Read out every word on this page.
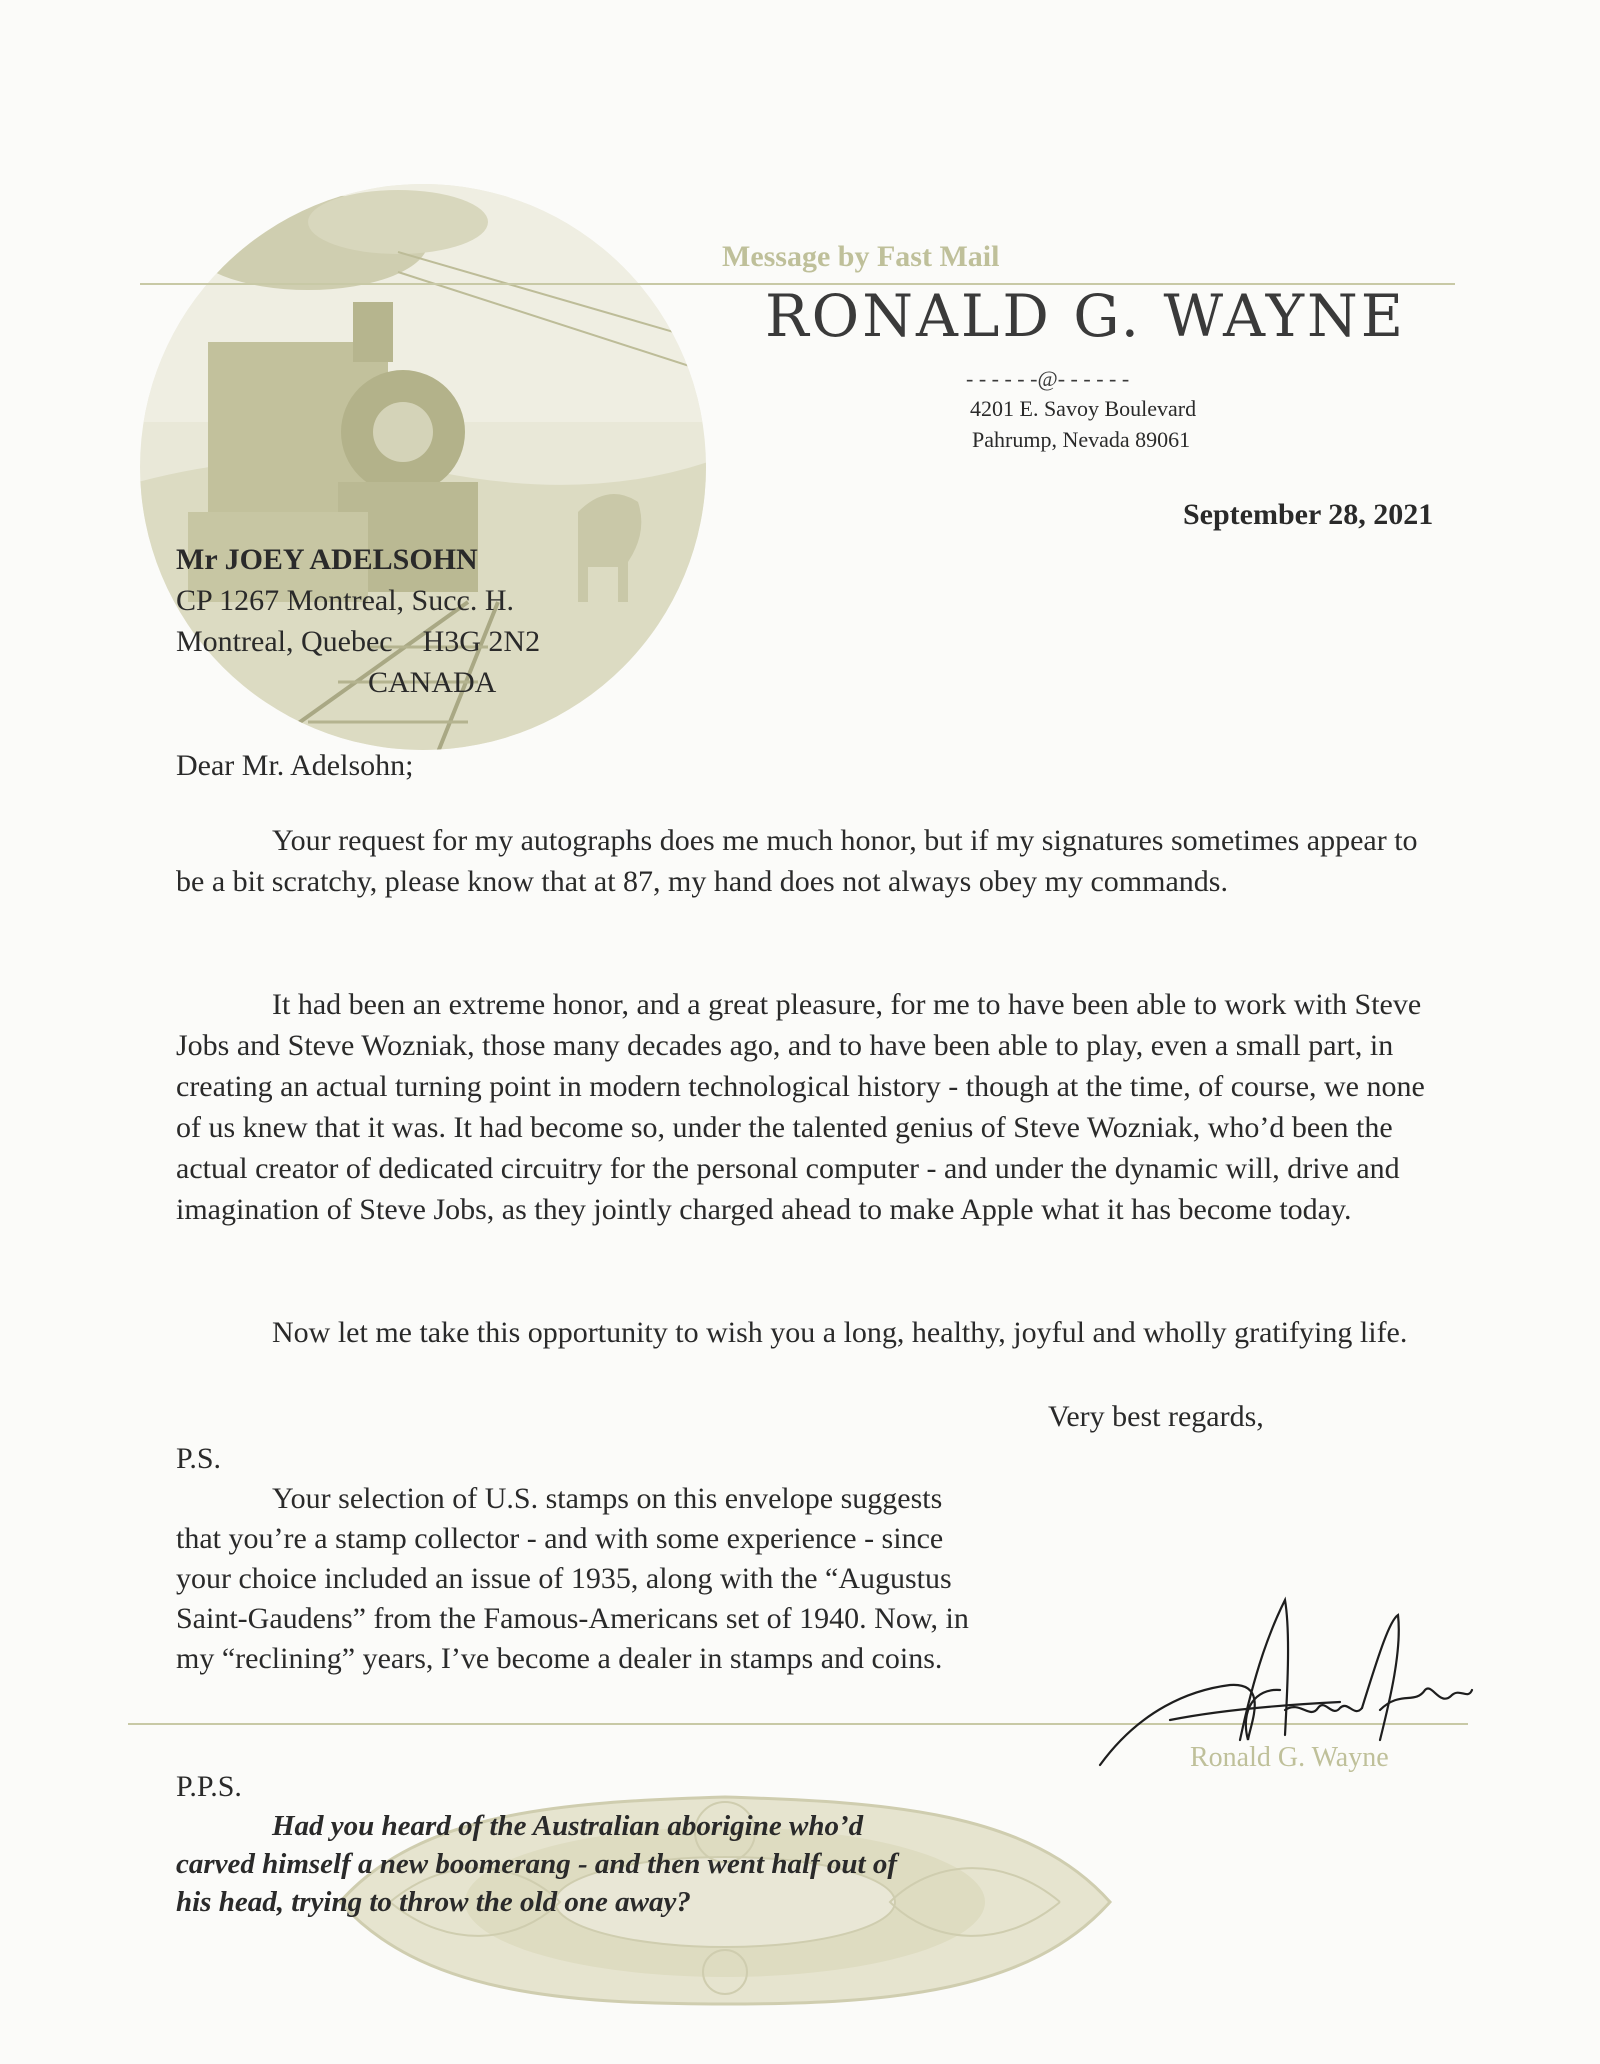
Message by Fast Mail
RONALD G. WAYNE
- - - - - -@- - - - - -
4201 E. Savoy Boulevard
Pahrump, Nevada 89061
September 28, 2021
Mr JOEY ADELSOHN
CP 1267 Montreal, Succ. H.
Montreal, Quebec    H3G 2N2
CANADA
Dear Mr. Adelsohn;
Your request for my autographs does me much honor, but if my signatures sometimes appear to be a bit scratchy, please know that at 87, my hand does not always obey my commands.
It had been an extreme honor, and a great pleasure, for me to have been able to work with Steve Jobs and Steve Wozniak, those many decades ago, and to have been able to play, even a small part, in creating an actual turning point in modern technological history - though at the time, of course, we none of us knew that it was. It had become so, under the talented genius of Steve Wozniak, who’d been the actual creator of dedicated circuitry for the personal computer - and under the dynamic will, drive and imagination of Steve Jobs, as they jointly charged ahead to make Apple what it has become today.
Now let me take this opportunity to wish you a long, healthy, joyful and wholly gratifying life.
Very best regards,
P.S.
Your selection of U.S. stamps on this envelope suggests that you’re a stamp collector - and with some experience - since your choice included an issue of 1935, along with the “Augustus Saint-Gaudens” from the Famous-Americans set of 1940. Now, in my “reclining” years, I’ve become a dealer in stamps and coins.
Ronald G. Wayne
P.P.S.
Had you heard of the Australian aborigine who’d carved himself a new boomerang - and then went half out of his head, trying to throw the old one away?
